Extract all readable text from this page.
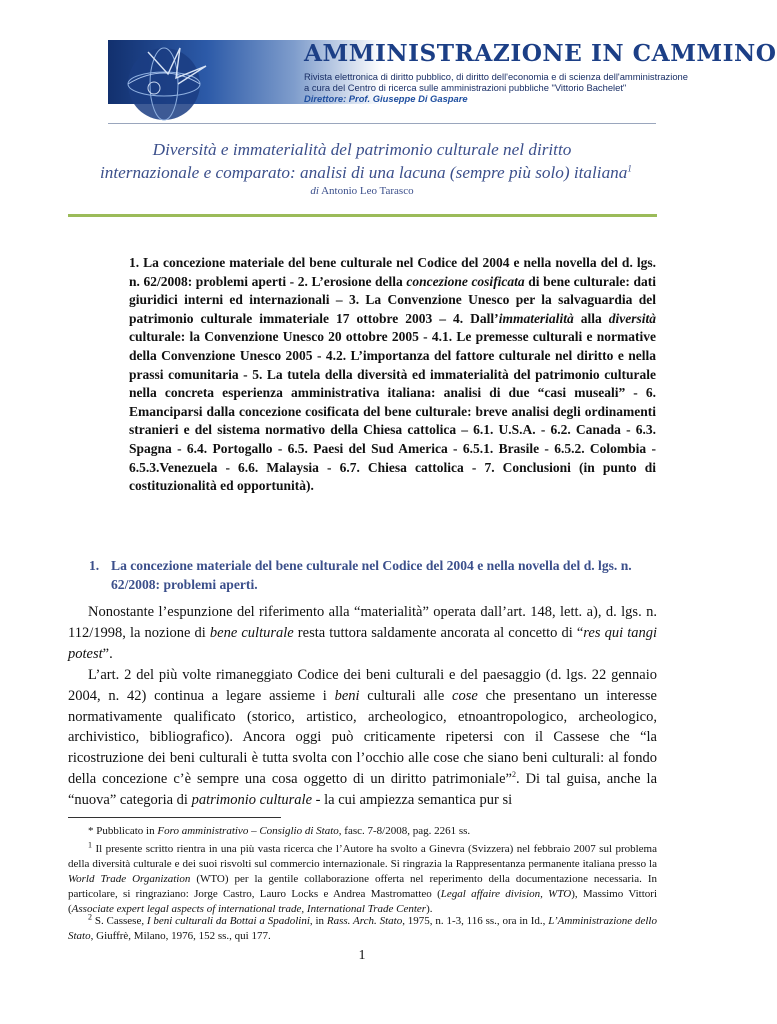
AMMINISTRAZIONE IN CAMMINO
Rivista elettronica di diritto pubblico, di diritto dell'economia e di scienza dell'amministrazione
a cura del Centro di ricerca sulle amministrazioni pubbliche "Vittorio Bachelet"
Direttore: Prof. Giuseppe Di Gaspare
Diversità e immaterialità del patrimonio culturale nel diritto
internazionale e comparato: analisi di una lacuna (sempre più solo) italiana$^1$
di Antonio Leo Tarasco

1. La concezione materiale del bene culturale nel Codice del 2004 e nella novella del d. lgs. n. 62/2008: problemi aperti - 2. L’erosione della concezione cosificata di bene culturale: dati giuridici interni ed internazionali – 3. La Convenzione Unesco per la salvaguardia del patrimonio culturale immateriale 17 ottobre 2003 – 4. Dall’immaterialità alla diversità culturale: la Convenzione Unesco 20 ottobre 2005 - 4.1. Le premesse culturali e normative della Convenzione Unesco 2005 - 4.2. L’importanza del fattore culturale nel diritto e nella prassi comunitaria - 5. La tutela della diversità ed immaterialità del patrimonio culturale nella concreta esperienza amministrativa italiana: analisi di due “casi museali” - 6. Emanciparsi dalla concezione cosificata del bene culturale: breve analisi degli ordinamenti stranieri e del sistema normativo della Chiesa cattolica – 6.1. U.S.A. - 6.2. Canada - 6.3. Spagna - 6.4. Portogallo - 6.5. Paesi del Sud America - 6.5.1. Brasile - 6.5.2. Colombia - 6.5.3.Venezuela - 6.6. Malaysia - 6.7. Chiesa cattolica - 7. Conclusioni (in punto di costituzionalità ed opportunità).

1. La concezione materiale del bene culturale nel Codice del 2004 e nella novella del d. lgs. n. 62/2008: problemi aperti.

Nonostante l’espunzione del riferimento alla “materialità” operata dall’art. 148, lett. a), d. lgs. n. 112/1998, la nozione di bene culturale resta tuttora saldamente ancorata al concetto di “res qui tangi potest”.

L’art. 2 del più volte rimaneggiato Codice dei beni culturali e del paesaggio (d. lgs. 22 gennaio 2004, n. 42) continua a legare assieme i beni culturali alle cose che presentano un interesse normativamente qualificato (storico, artistico, archeologico, etnoantropologico, archeologico, archivistico, bibliografico). Ancora oggi può criticamente ripetersi con il Cassese che “la ricostruzione dei beni culturali è tutta svolta con l’occhio alle cose che siano beni culturali: al fondo della concezione c’è sempre una cosa oggetto di un diritto patrimoniale”$^2$. Di tal guisa, anche la “nuova” categoria di patrimonio culturale - la cui ampiezza semantica pur si

* Pubblicato in Foro amministrativo – Consiglio di Stato, fasc. 7-8/2008, pag. 2261 ss.

$^1$ Il presente scritto rientra in una più vasta ricerca che l’Autore ha svolto a Ginevra (Svizzera) nel febbraio 2007 sul problema della diversità culturale e dei suoi risvolti sul commercio internazionale. Si ringrazia la Rappresentanza permanente italiana presso la World Trade Organization (WTO) per la gentile collaborazione offerta nel reperimento della documentazione necessaria. In particolare, si ringraziano: Jorge Castro, Lauro Locks e Andrea Mastromatteo (Legal affaire division, WTO), Massimo Vittori (Associate expert legal aspects of international trade, International Trade Center).

$^2$ S. Cassese, I beni culturali da Bottai a Spadolini, in Rass. Arch. Stato, 1975, n. 1-3, 116 ss., ora in Id., L’Amministrazione dello Stato, Giuffrè, Milano, 1976, 152 ss., qui 177.

1
